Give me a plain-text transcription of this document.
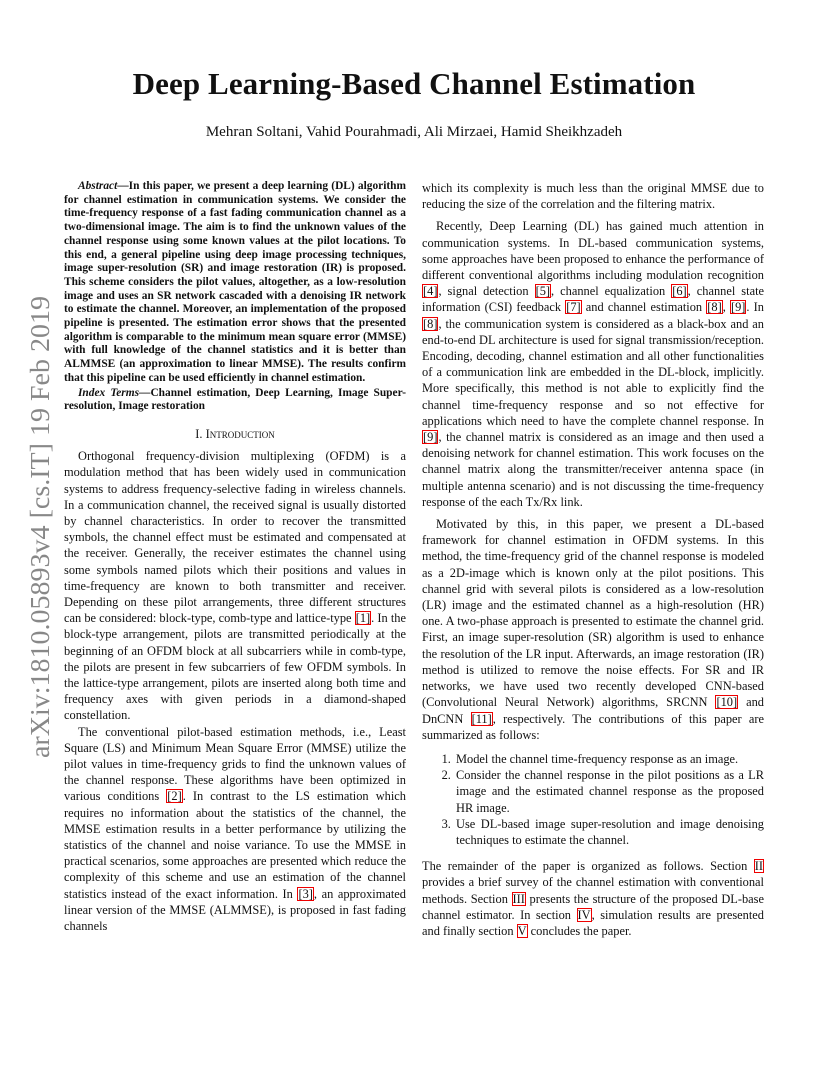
arXiv:1810.05893v4 [cs.IT] 19 Feb 2019
Deep Learning-Based Channel Estimation
Mehran Soltani, Vahid Pourahmadi, Ali Mirzaei, Hamid Sheikhzadeh

Abstract—In this paper, we present a deep learning (DL) algorithm for channel estimation in communication systems. We consider the time-frequency response of a fast fading communication channel as a two-dimensional image. The aim is to find the unknown values of the channel response using some known values at the pilot locations. To this end, a general pipeline using deep image processing techniques, image super-resolution (SR) and image restoration (IR) is proposed. This scheme considers the pilot values, altogether, as a low-resolution image and uses an SR network cascaded with a denoising IR network to estimate the channel. Moreover, an implementation of the proposed pipeline is presented. The estimation error shows that the presented algorithm is comparable to the minimum mean square error (MMSE) with full knowledge of the channel statistics and it is better than ALMMSE (an approximation to linear MMSE). The results confirm that this pipeline can be used efficiently in channel estimation.

Index Terms—Channel estimation, Deep Learning, Image Super-resolution, Image restoration

I. Introduction

Orthogonal frequency-division multiplexing (OFDM) is a modulation method that has been widely used in communication systems to address frequency-selective fading in wireless channels. In a communication channel, the received signal is usually distorted by channel characteristics. In order to recover the transmitted symbols, the channel effect must be estimated and compensated at the receiver. Generally, the receiver estimates the channel using some symbols named pilots which their positions and values in time-frequency are known to both transmitter and receiver. Depending on these pilot arrangements, three different structures can be considered: block-type, comb-type and lattice-type [1]. In the block-type arrangement, pilots are transmitted periodically at the beginning of an OFDM block at all subcarriers while in comb-type, the pilots are present in few subcarriers of few OFDM symbols. In the lattice-type arrangement, pilots are inserted along both time and frequency axes with given periods in a diamond-shaped constellation.

The conventional pilot-based estimation methods, i.e., Least Square (LS) and Minimum Mean Square Error (MMSE) utilize the pilot values in time-frequency grids to find the unknown values of the channel response. These algorithms have been optimized in various conditions [2]. In contrast to the LS estimation which requires no information about the statistics of the channel, the MMSE estimation results in a better performance by utilizing the statistics of the channel and noise variance. To use the MMSE in practical scenarios, some approaches are presented which reduce the complexity of this scheme and use an estimation of the channel statistics instead of the exact information. In [3], an approximated linear version of the MMSE (ALMMSE), is proposed in fast fading channels

which its complexity is much less than the original MMSE due to reducing the size of the correlation and the filtering matrix.

Recently, Deep Learning (DL) has gained much attention in communication systems. In DL-based communication systems, some approaches have been proposed to enhance the performance of different conventional algorithms including modulation recognition [4], signal detection [5], channel equalization [6], channel state information (CSI) feedback [7] and channel estimation [8], [9]. In [8], the communication system is considered as a black-box and an end-to-end DL architecture is used for signal transmission/reception. Encoding, decoding, channel estimation and all other functionalities of a communication link are embedded in the DL-block, implicitly. More specifically, this method is not able to explicitly find the channel time-frequency response and so not effective for applications which need to have the complete channel response. In [9], the channel matrix is considered as an image and then used a denoising network for channel estimation. This work focuses on the channel matrix along the transmitter/receiver antenna space (in multiple antenna scenario) and is not discussing the time-frequency response of the each Tx/Rx link.

Motivated by this, in this paper, we present a DL-based framework for channel estimation in OFDM systems. In this method, the time-frequency grid of the channel response is modeled as a 2D-image which is known only at the pilot positions. This channel grid with several pilots is considered as a low-resolution (LR) image and the estimated channel as a high-resolution (HR) one. A two-phase approach is presented to estimate the channel grid. First, an image super-resolution (SR) algorithm is used to enhance the resolution of the LR input. Afterwards, an image restoration (IR) method is utilized to remove the noise effects. For SR and IR networks, we have used two recently developed CNN-based (Convolutional Neural Network) algorithms, SRCNN [10] and DnCNN [11], respectively. The contributions of this paper are summarized as follows:

1. Model the channel time-frequency response as an image.
2. Consider the channel response in the pilot positions as a LR image and the estimated channel response as the proposed HR image.
3. Use DL-based image super-resolution and image denoising techniques to estimate the channel.

The remainder of the paper is organized as follows. Section II provides a brief survey of the channel estimation with conventional methods. Section III presents the structure of the proposed DL-base channel estimator. In section IV, simulation results are presented and finally section V concludes the paper.
